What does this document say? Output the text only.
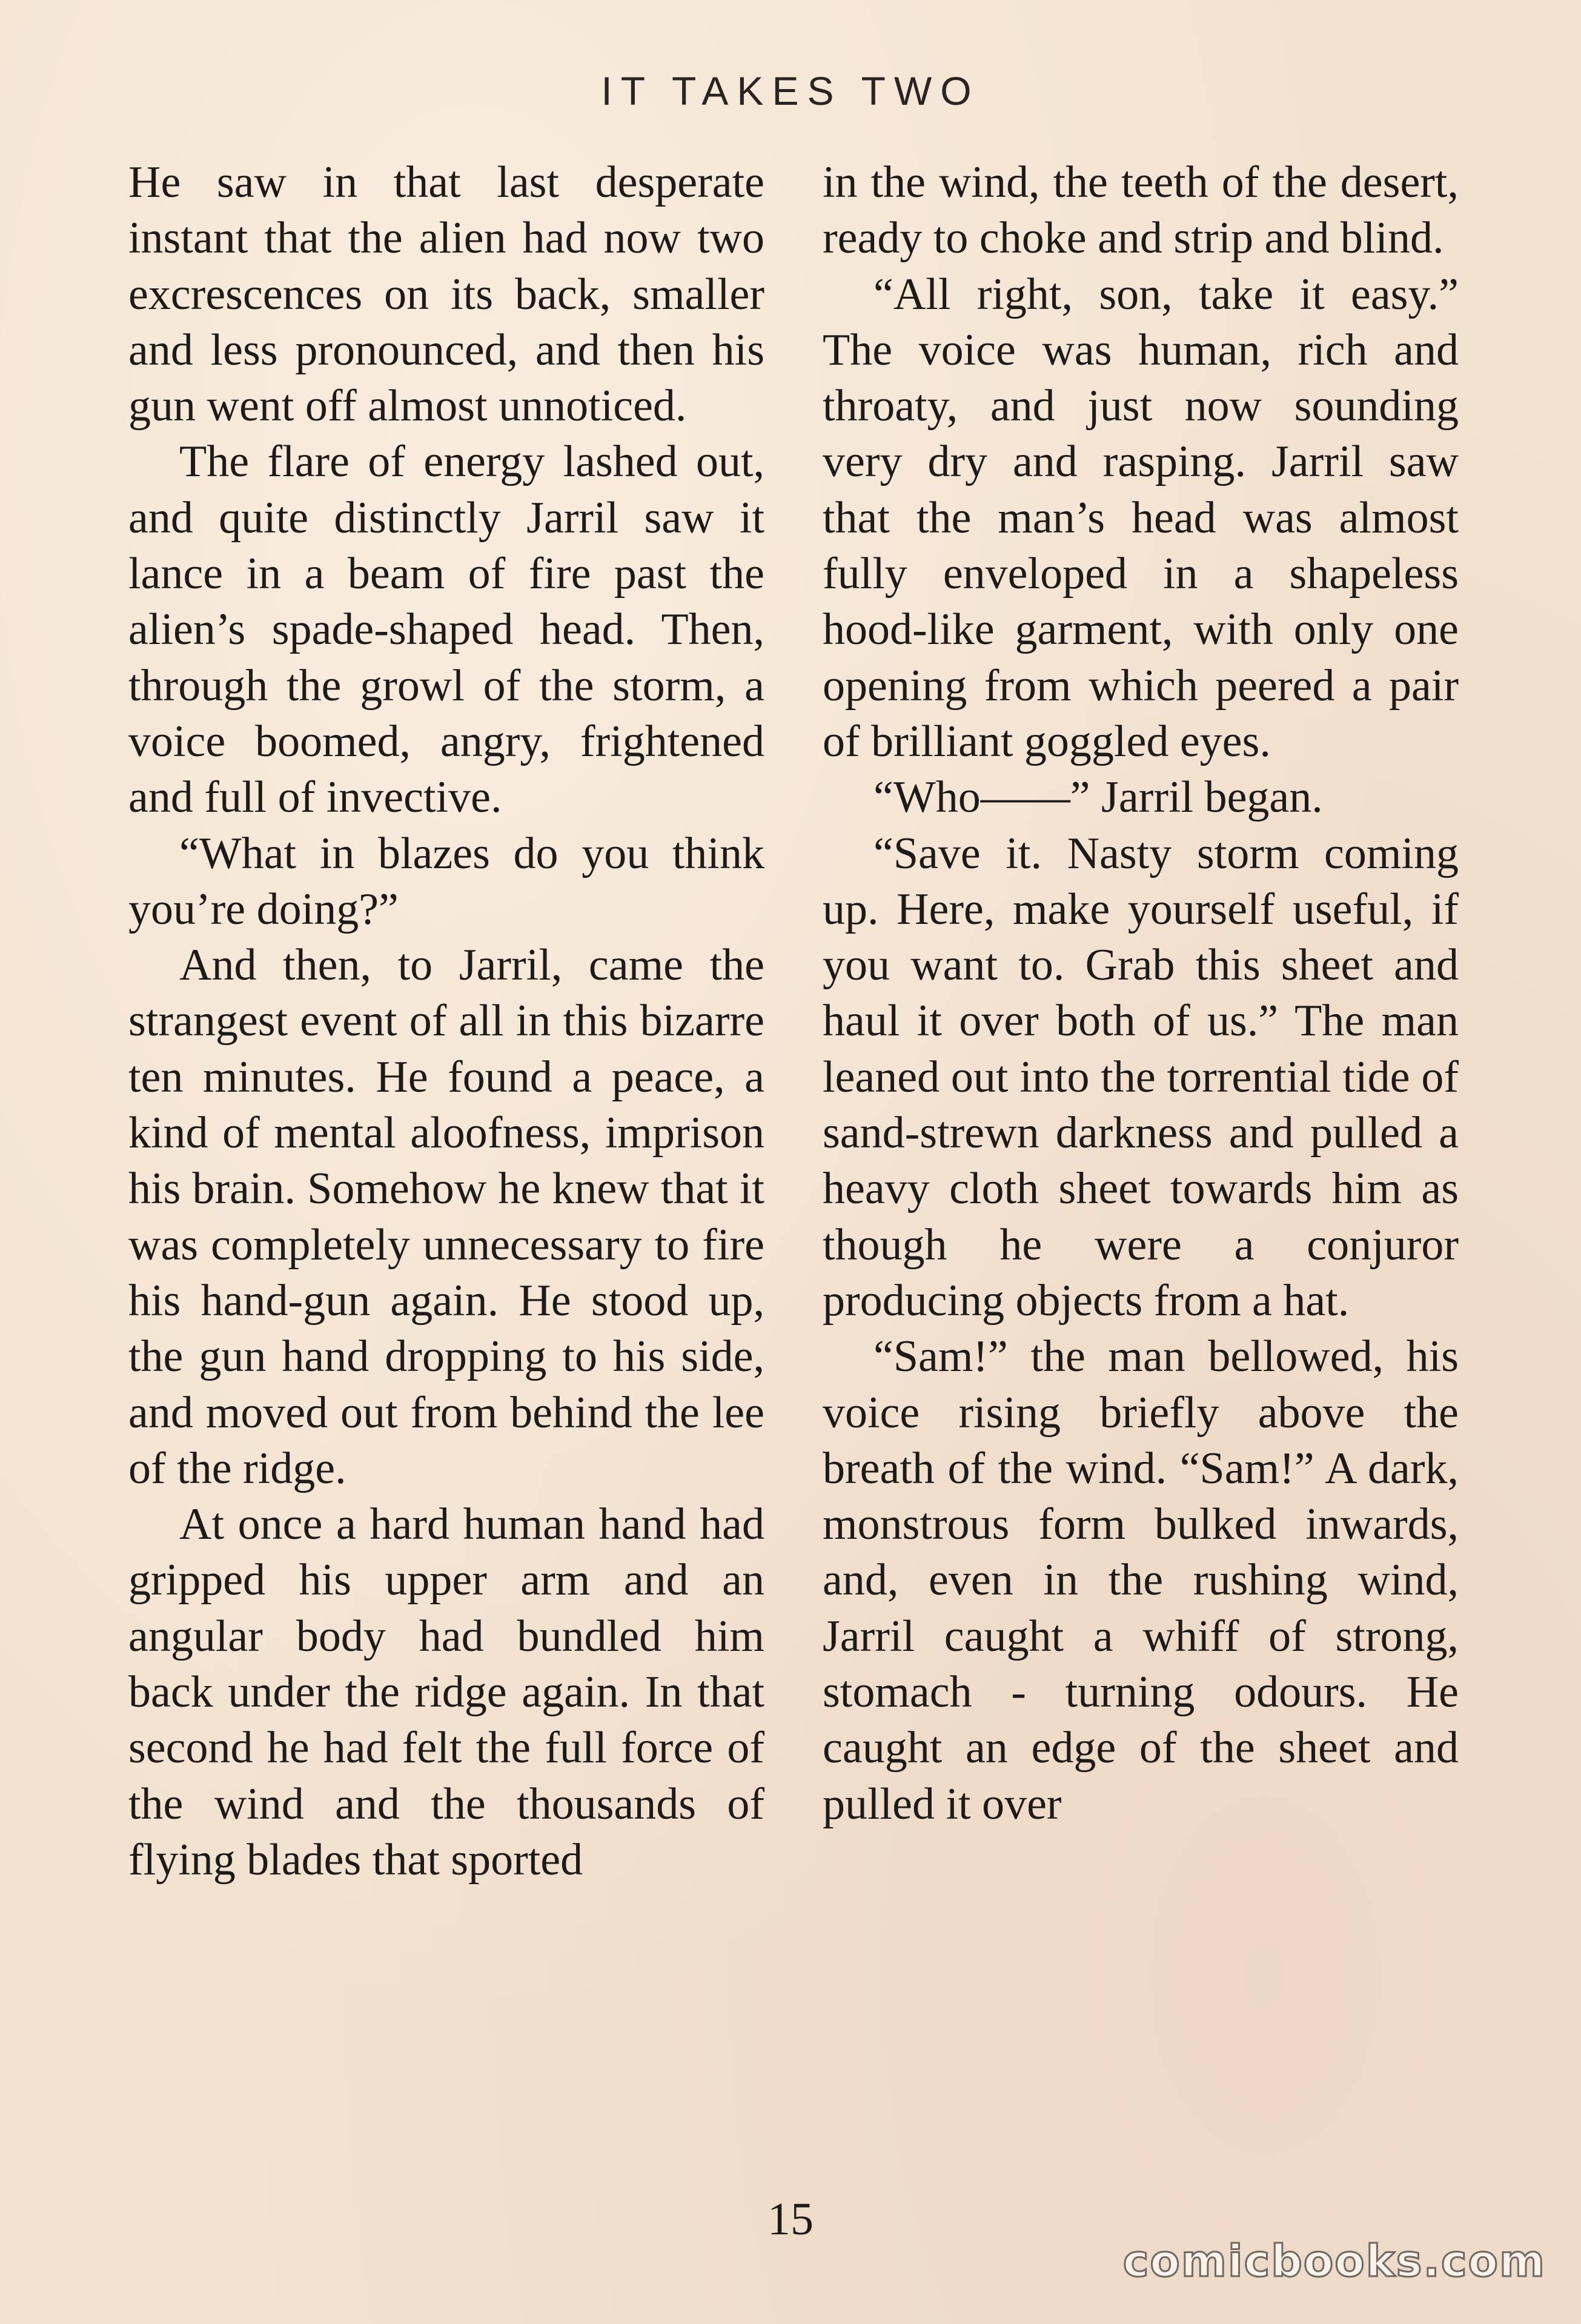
IT TAKES TWO

He saw in that last desperate instant that the alien had now two excrescences on its back, smaller and less pronounced, and then his gun went off almost unnoticed.

The flare of energy lashed out, and quite distinctly Jarril saw it lance in a beam of fire past the alien’s spade-shaped head. Then, through the growl of the storm, a voice boomed, angry, frightened and full of invective.

“What in blazes do you think you’re doing?”

And then, to Jarril, came the strangest event of all in this bizarre ten minutes. He found a peace, a kind of mental aloofness, imprison his brain. Somehow he knew that it was completely unnecessary to fire his hand-gun again. He stood up, the gun hand dropping to his side, and moved out from behind the lee of the ridge.

At once a hard human hand had gripped his upper arm and an angular body had bundled him back under the ridge again. In that second he had felt the full force of the wind and the thousands of flying blades that sported

in the wind, the teeth of the desert, ready to choke and strip and blind.

“All right, son, take it easy.” The voice was human, rich and throaty, and just now sounding very dry and rasping. Jarril saw that the man’s head was almost fully enveloped in a shapeless hood-like garment, with only one opening from which peered a pair of brilliant goggled eyes.

“Who——” Jarril began.

“Save it. Nasty storm coming up. Here, make yourself useful, if you want to. Grab this sheet and haul it over both of us.” The man leaned out into the torrential tide of sand-strewn darkness and pulled a heavy cloth sheet towards him as though he were a conjuror producing objects from a hat.

“Sam!” the man bellowed, his voice rising briefly above the breath of the wind. “Sam!” A dark, monstrous form bulked inwards, and, even in the rushing wind, Jarril caught a whiff of strong, stomach - turning odours. He caught an edge of the sheet and pulled it over

15
comicbooks.com
